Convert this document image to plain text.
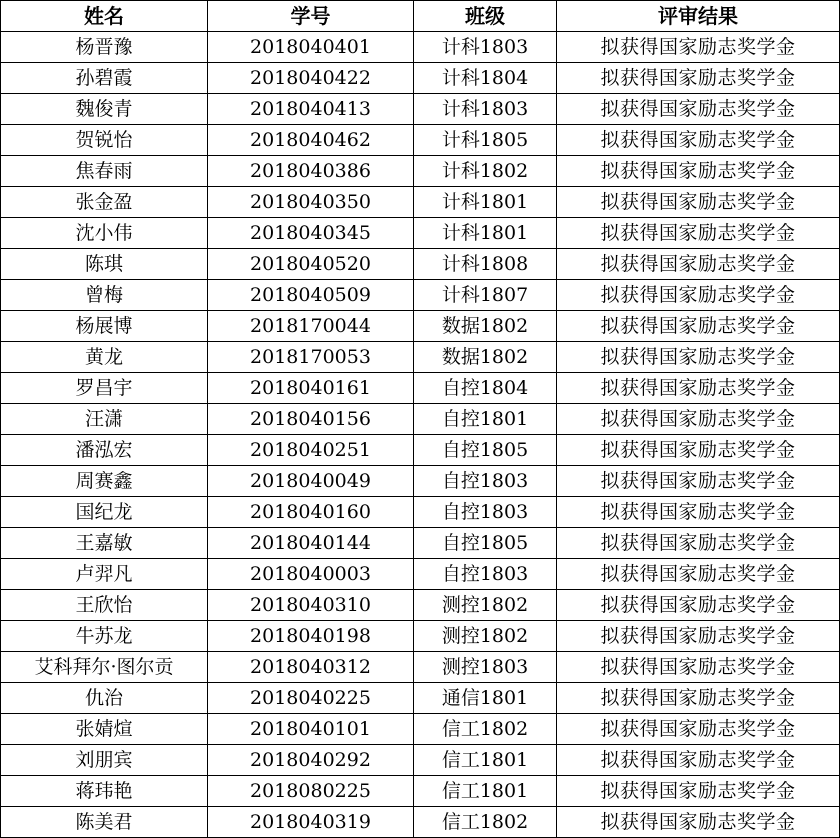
姓名	学号	班级	评审结果
杨晋豫	2018040401	计科1803	拟获得国家励志奖学金
孙碧霞	2018040422	计科1804	拟获得国家励志奖学金
魏俊青	2018040413	计科1803	拟获得国家励志奖学金
贺锐怡	2018040462	计科1805	拟获得国家励志奖学金
焦春雨	2018040386	计科1802	拟获得国家励志奖学金
张金盈	2018040350	计科1801	拟获得国家励志奖学金
沈小伟	2018040345	计科1801	拟获得国家励志奖学金
陈琪	2018040520	计科1808	拟获得国家励志奖学金
曾梅	2018040509	计科1807	拟获得国家励志奖学金
杨展博	2018170044	数据1802	拟获得国家励志奖学金
黄龙	2018170053	数据1802	拟获得国家励志奖学金
罗昌宇	2018040161	自控1804	拟获得国家励志奖学金
汪潇	2018040156	自控1801	拟获得国家励志奖学金
潘泓宏	2018040251	自控1805	拟获得国家励志奖学金
周赛鑫	2018040049	自控1803	拟获得国家励志奖学金
国纪龙	2018040160	自控1803	拟获得国家励志奖学金
王嘉敏	2018040144	自控1805	拟获得国家励志奖学金
卢羿凡	2018040003	自控1803	拟获得国家励志奖学金
王欣怡	2018040310	测控1802	拟获得国家励志奖学金
牛苏龙	2018040198	测控1802	拟获得国家励志奖学金
艾科拜尔·图尔贡	2018040312	测控1803	拟获得国家励志奖学金
仇治	2018040225	通信1801	拟获得国家励志奖学金
张婧煊	2018040101	信工1802	拟获得国家励志奖学金
刘朋宾	2018040292	信工1801	拟获得国家励志奖学金
蒋玮艳	2018080225	信工1801	拟获得国家励志奖学金
陈美君	2018040319	信工1802	拟获得国家励志奖学金
